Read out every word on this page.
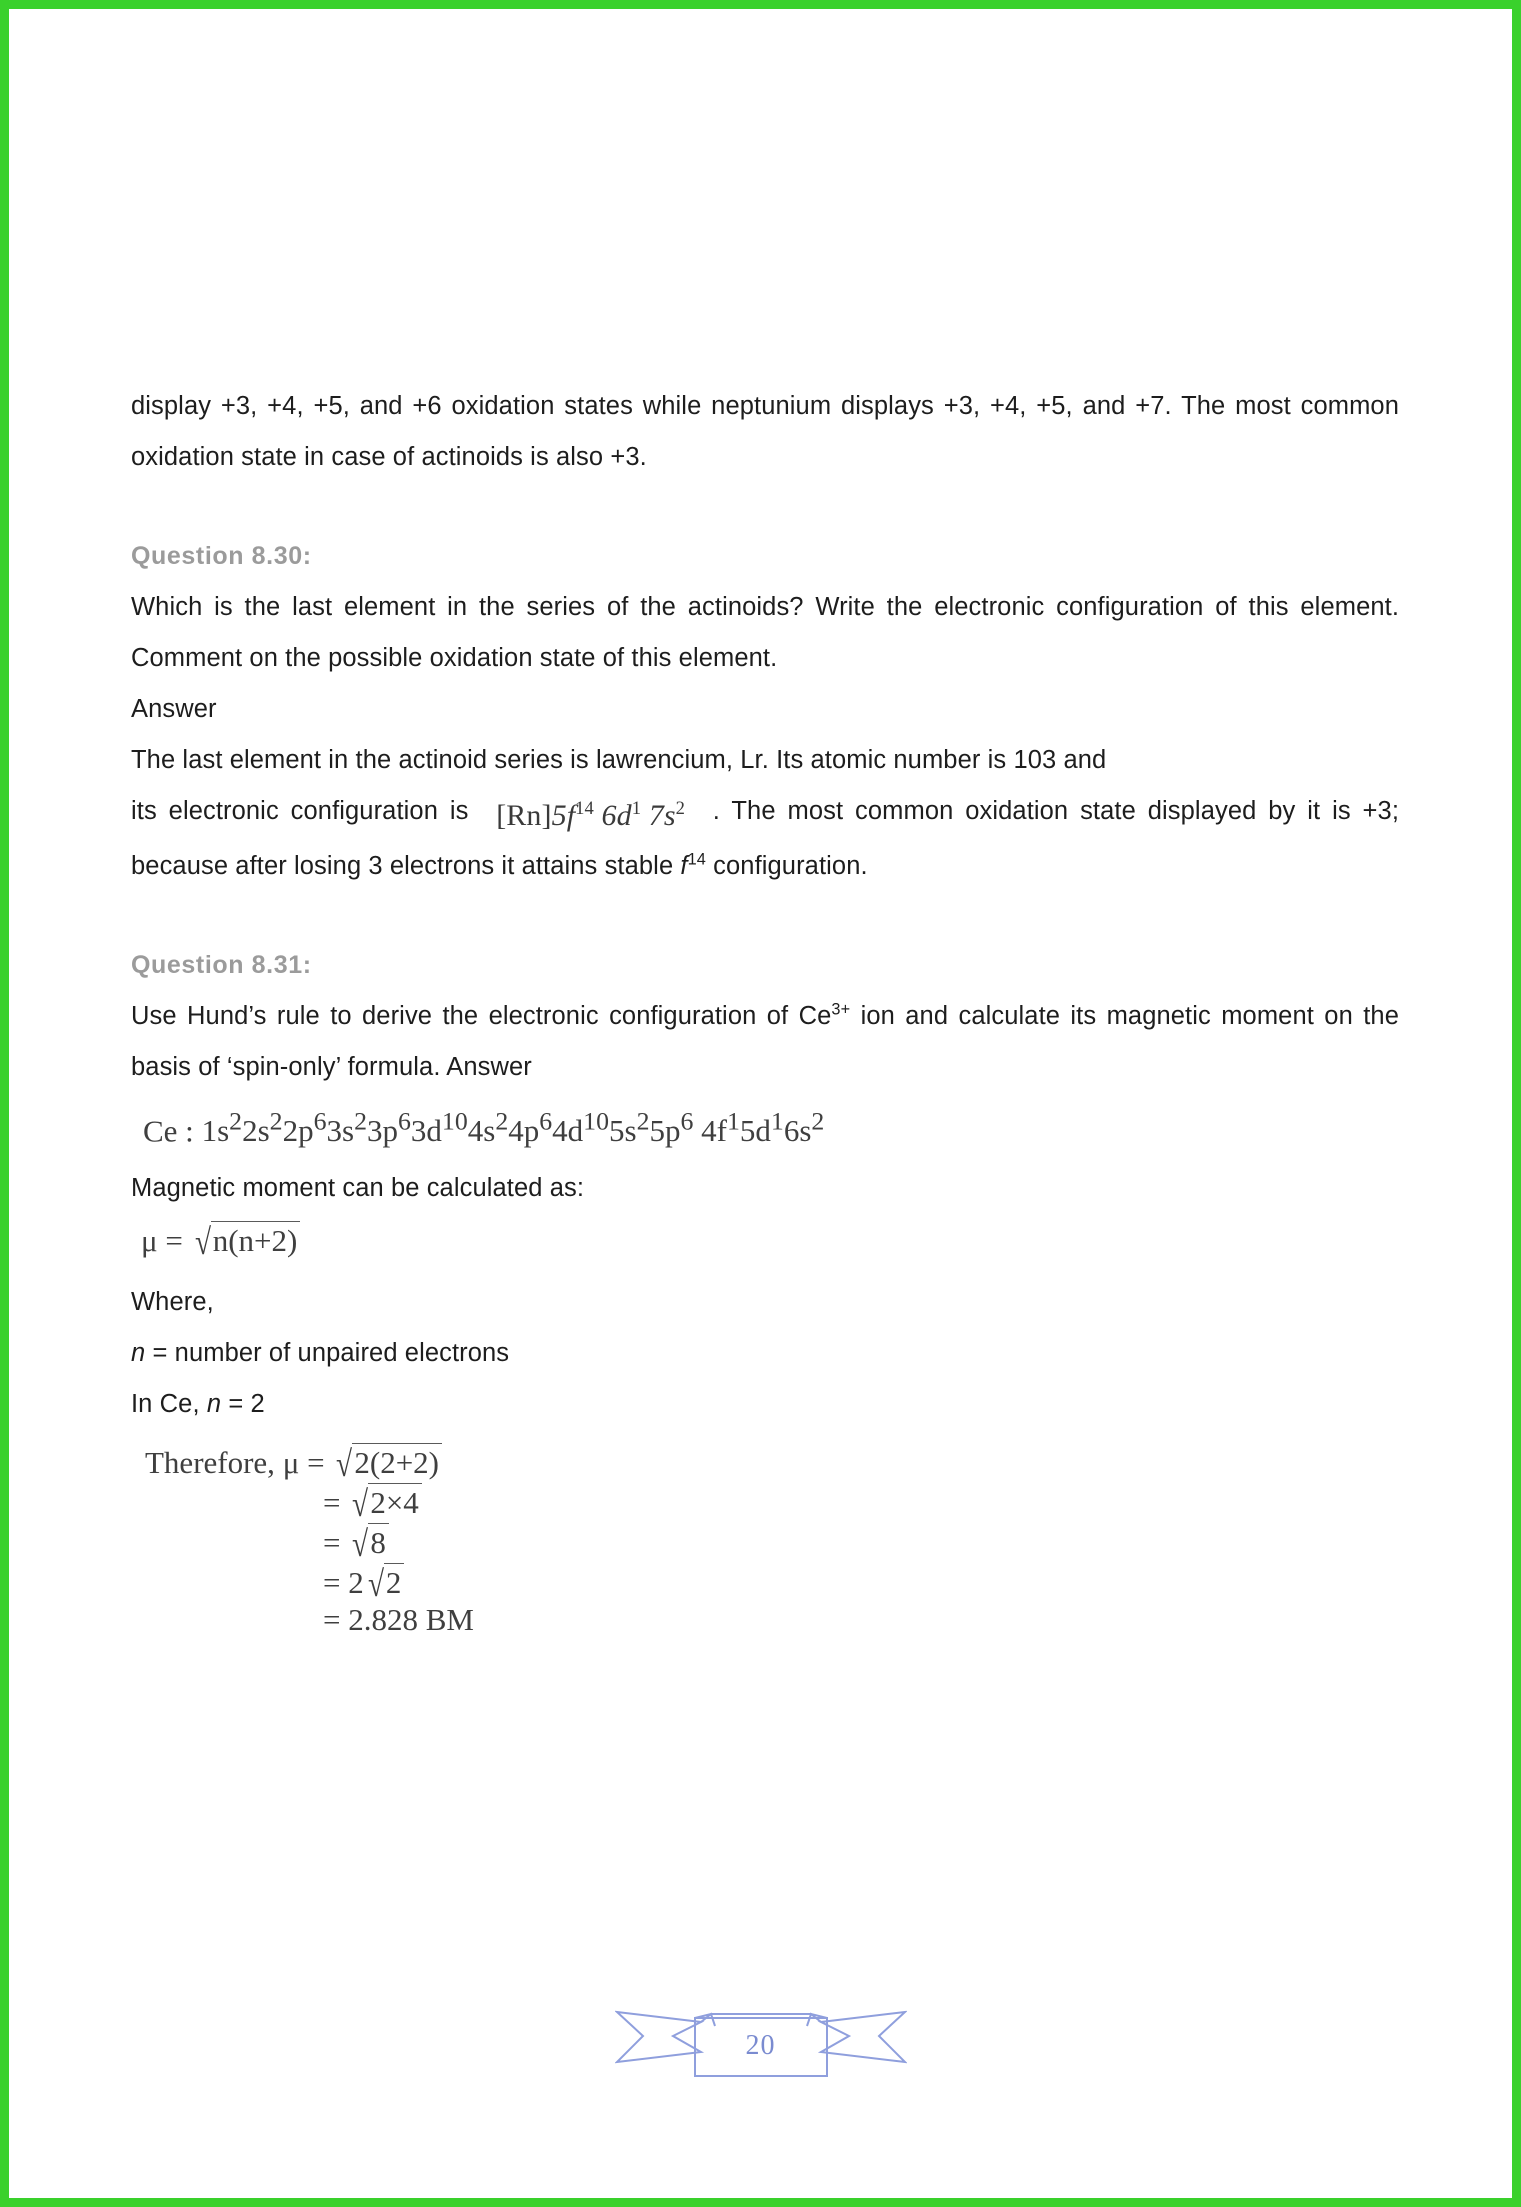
display +3, +4, +5, and +6 oxidation states while neptunium displays +3, +4, +5, and +7. The most common oxidation state in case of actinoids is also +3.

Question 8.30:

Which is the last element in the series of the actinoids? Write the electronic configuration of this element. Comment on the possible oxidation state of this element.

Answer

The last element in the actinoid series is lawrencium, Lr. Its atomic number is 103 and

its electronic configuration is $[Rn]5f^{14}$ $6d^1$ $7s^2$ . The most common oxidation state displayed by it is +3; because after losing 3 electrons it attains stable $f^{14}$ configuration.

Question 8.31:

Use Hund’s rule to derive the electronic configuration of $Ce^{3+}$ ion and calculate its magnetic moment on the basis of ‘spin-only’ formula. Answer

Ce : $1s^22s^22p^63s^23p^63d^{10}4s^24p^64d^{10}5s^25p^6$ $4f^15d^16s^2$

Magnetic moment can be calculated as:

μ = √n(n+2)

Where,

n = number of unpaired electrons

In Ce, n = 2

Therefore, μ = √2(2+2)
= √2×4
= √8
= 2 √2
= 2.828 BM
20
